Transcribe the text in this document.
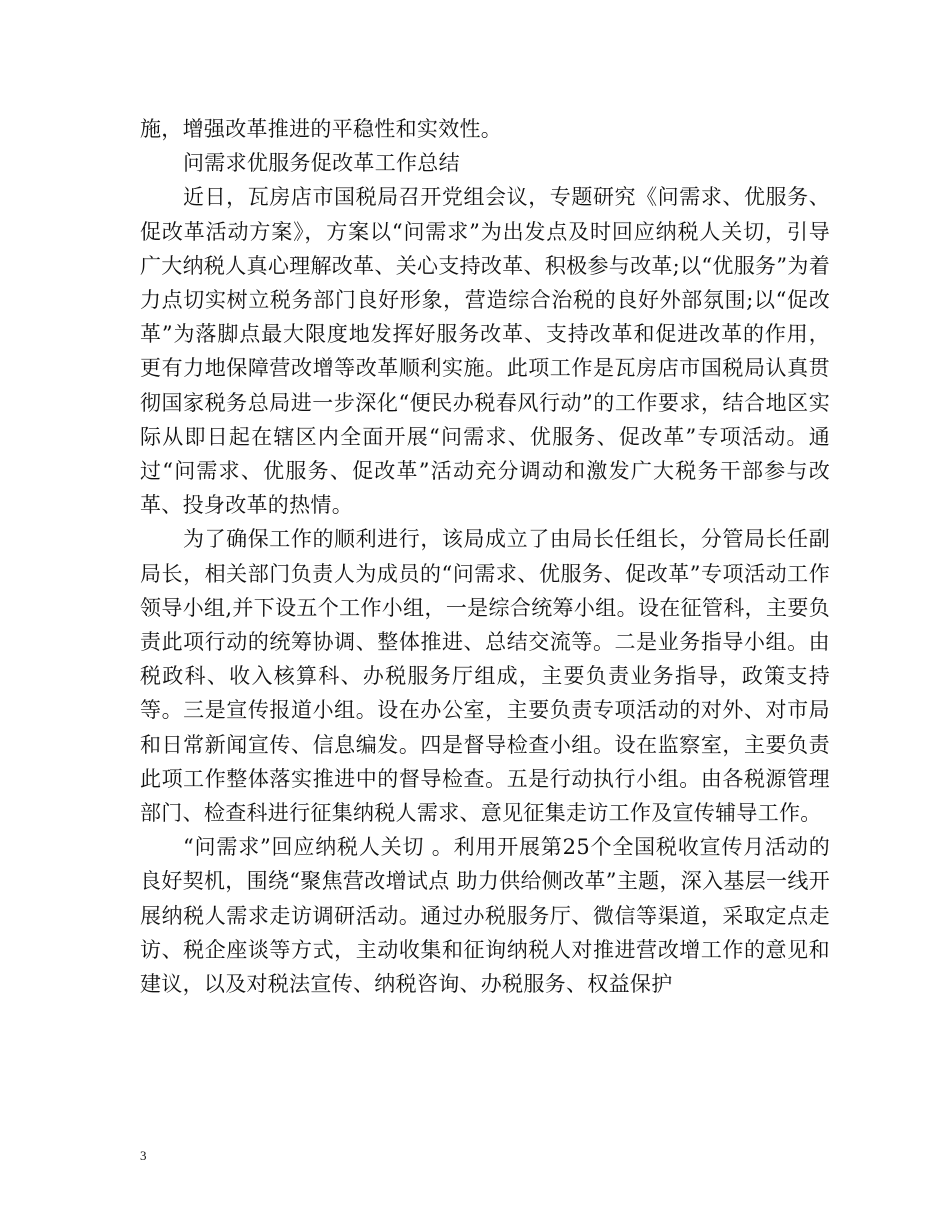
施，增强改革推进的平稳性和实效性。

问需求优服务促改革工作总结

近日，瓦房店市国税局召开党组会议，专题研究《问需求、优服务、促改革活动方案》，方案以“问需求”为出发点及时回应纳税人关切，引导广大纳税人真心理解改革、关心支持改革、积极参与改革;以“优服务”为着力点切实树立税务部门良好形象，营造综合治税的良好外部氛围;以“促改革”为落脚点最大限度地发挥好服务改革、支持改革和促进改革的作用，更有力地保障营改增等改革顺利实施。此项工作是瓦房店市国税局认真贯彻国家税务总局进一步深化“便民办税春风行动”的工作要求，结合地区实际从即日起在辖区内全面开展“问需求、优服务、促改革”专项活动。通过“问需求、优服务、促改革”活动充分调动和激发广大税务干部参与改革、投身改革的热情。

为了确保工作的顺利进行，该局成立了由局长任组长，分管局长任副局长，相关部门负责人为成员的“问需求、优服务、促改革”专项活动工作领导小组,并下设五个工作小组，一是综合统筹小组。设在征管科，主要负责此项行动的统筹协调、整体推进、总结交流等。二是业务指导小组。由税政科、收入核算科、办税服务厅组成，主要负责业务指导，政策支持等。三是宣传报道小组。设在办公室，主要负责专项活动的对外、对市局和日常新闻宣传、信息编发。四是督导检查小组。设在监察室，主要负责此项工作整体落实推进中的督导检查。五是行动执行小组。由各税源管理部门、检查科进行征集纳税人需求、意见征集走访工作及宣传辅导工作。

“问需求”回应纳税人关切 。利用开展第25个全国税收宣传月活动的良好契机，围绕“聚焦营改增试点 助力供给侧改革”主题，深入基层一线开展纳税人需求走访调研活动。通过办税服务厅、微信等渠道，采取定点走访、税企座谈等方式，主动收集和征询纳税人对推进营改增工作的意见和建议，以及对税法宣传、纳税咨询、办税服务、权益保护

3
